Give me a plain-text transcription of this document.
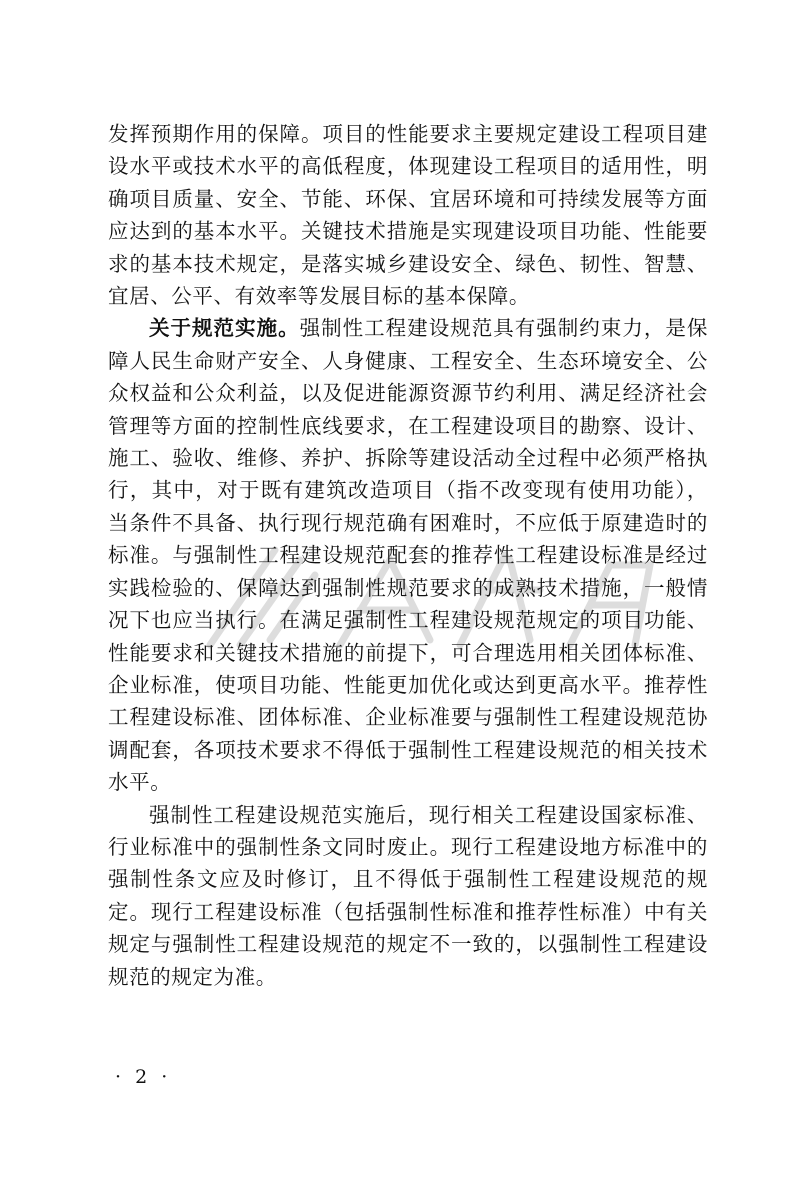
发挥预期作用的保障。项目的性能要求主要规定建设工程项目建设水平或技术水平的高低程度，体现建设工程项目的适用性，明确项目质量、安全、节能、环保、宜居环境和可持续发展等方面应达到的基本水平。关键技术措施是实现建设项目功能、性能要求的基本技术规定，是落实城乡建设安全、绿色、韧性、智慧、宜居、公平、有效率等发展目标的基本保障。

关于规范实施。强制性工程建设规范具有强制约束力，是保障人民生命财产安全、人身健康、工程安全、生态环境安全、公众权益和公众利益，以及促进能源资源节约利用、满足经济社会管理等方面的控制性底线要求，在工程建设项目的勘察、设计、施工、验收、维修、养护、拆除等建设活动全过程中必须严格执行，其中，对于既有建筑改造项目（指不改变现有使用功能），当条件不具备、执行现行规范确有困难时，不应低于原建造时的标准。与强制性工程建设规范配套的推荐性工程建设标准是经过实践检验的、保障达到强制性规范要求的成熟技术措施，一般情况下也应当执行。在满足强制性工程建设规范规定的项目功能、性能要求和关键技术措施的前提下，可合理选用相关团体标准、企业标准，使项目功能、性能更加优化或达到更高水平。推荐性工程建设标准、团体标准、企业标准要与强制性工程建设规范协调配套，各项技术要求不得低于强制性工程建设规范的相关技术水平。

强制性工程建设规范实施后，现行相关工程建设国家标准、行业标准中的强制性条文同时废止。现行工程建设地方标准中的强制性条文应及时修订，且不得低于强制性工程建设规范的规定。现行工程建设标准（包括强制性标准和推荐性标准）中有关规定与强制性工程建设规范的规定不一致的，以强制性工程建设规范的规定为准。

· 2 ·
